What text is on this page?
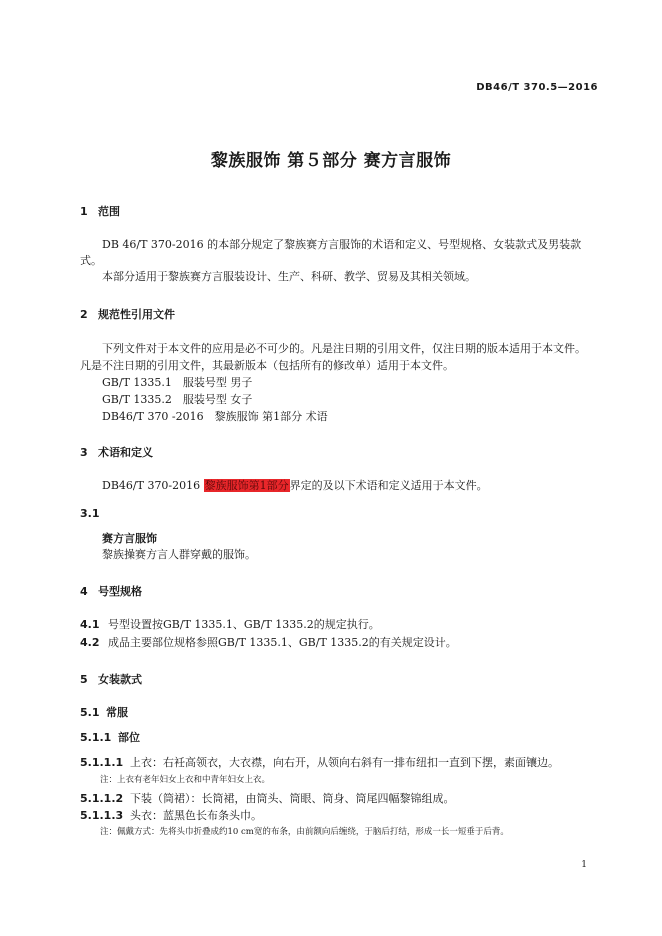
DB46/T 370.5—2016
黎族服饰 第５部分 赛方言服饰
1 范围
DB 46/T 370-2016 的本部分规定了黎族赛方言服饰的术语和定义、号型规格、女装款式及男装款
式。
本部分适用于黎族赛方言服装设计、生产、科研、教学、贸易及其相关领域。
2 规范性引用文件
下列文件对于本文件的应用是必不可少的。凡是注日期的引用文件，仅注日期的版本适用于本文件。
凡是不注日期的引用文件，其最新版本（包括所有的修改单）适用于本文件。
GB/T 1335.1　服装号型 男子
GB/T 1335.2　服装号型 女子
DB46/T 370 -2016　黎族服饰 第1部分 术语
3 术语和定义
DB46/T 370-2016 黎族服饰第1部分界定的及以下术语和定义适用于本文件。
3.1
赛方言服饰
黎族操赛方言人群穿戴的服饰。
4 号型规格
4.1 号型设置按GB/T 1335.1、GB/T 1335.2的规定执行。
4.2 成品主要部位规格参照GB/T 1335.1、GB/T 1335.2的有关规定设计。
5 女装款式
5.1 常服
5.1.1 部位
5.1.1.1 上衣：右衽高领衣，大衣襟，向右开，从领向右斜有一排布纽扣一直到下摆，素面镶边。
注：上衣有老年妇女上衣和中青年妇女上衣。
5.1.1.2 下装（筒裙）：长筒裙，由筒头、筒眼、筒身、筒尾四幅黎锦组成。
5.1.1.3 头衣：蓝黑色长布条头巾。
注：佩戴方式：先将头巾折叠成约10 cm宽的布条，由前额向后缠绕，于脑后打结，形成一长一短垂于后背。
1
